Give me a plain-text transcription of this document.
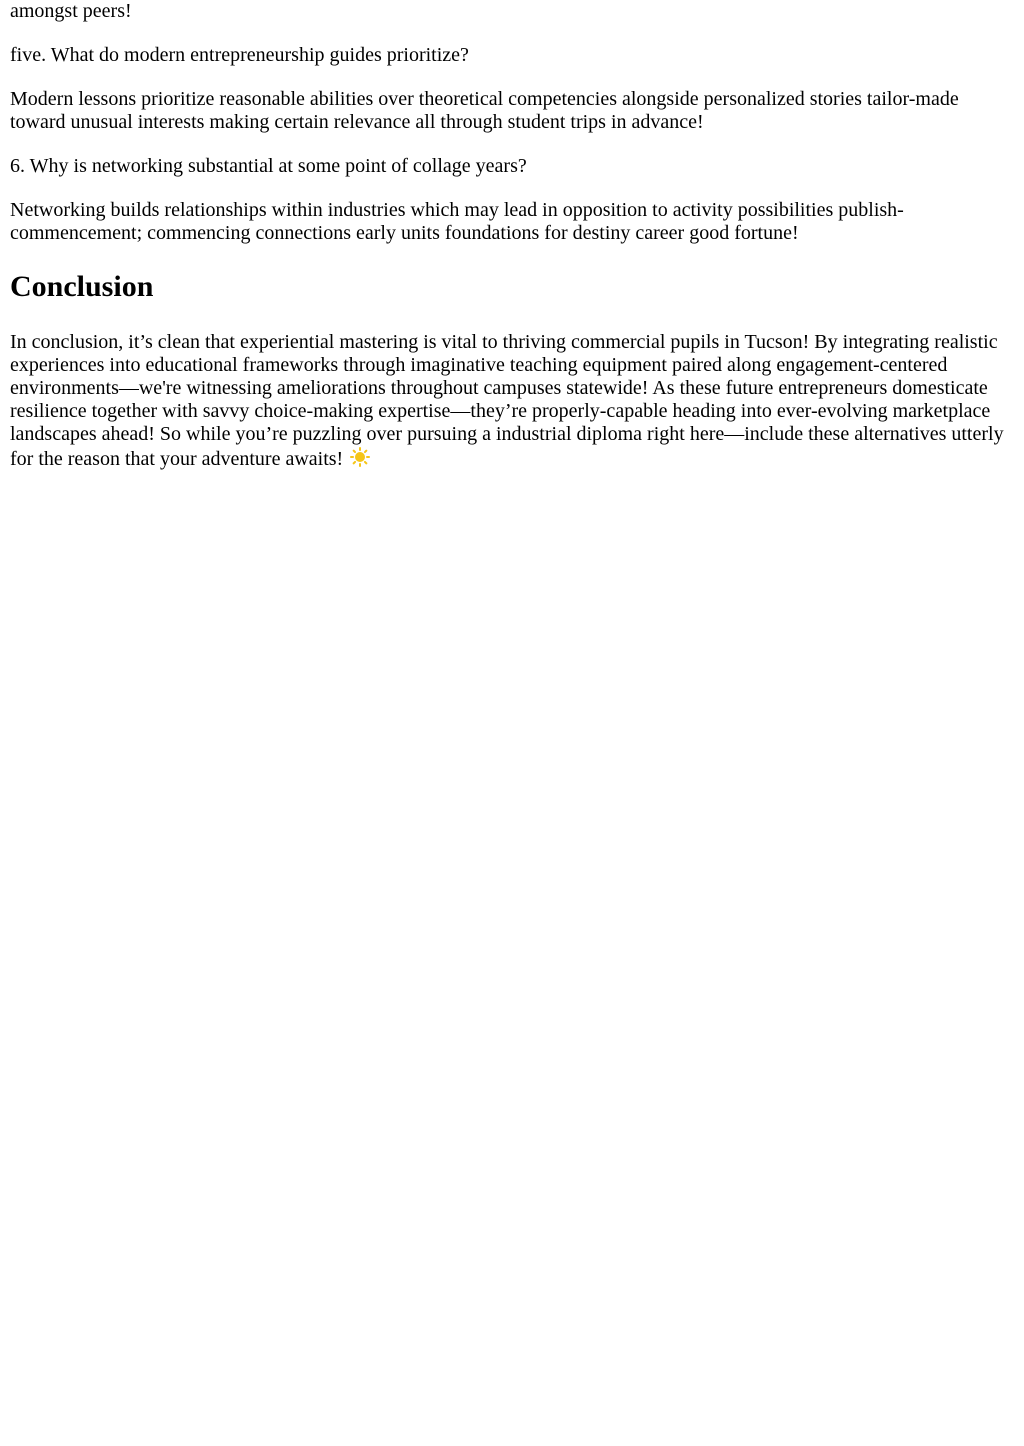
amongst peers!

five. What do modern entrepreneurship guides prioritize?

Modern lessons prioritize reasonable abilities over theoretical competencies alongside personalized stories tailor-made toward unusual interests making certain relevance all through student trips in advance!

6. Why is networking substantial at some point of collage years?

Networking builds relationships within industries which may lead in opposition to activity possibilities publish-commencement; commencing connections early units foundations for destiny career good fortune!

Conclusion

In conclusion, it’s clean that experiential mastering is vital to thriving commercial pupils in Tucson! By integrating realistic experiences into educational frameworks through imaginative teaching equipment paired along engagement-centered environments—we're witnessing ameliorations throughout campuses statewide! As these future entrepreneurs domesticate resilience together with savvy choice-making expertise—they’re properly-capable heading into ever-evolving marketplace landscapes ahead! So while you’re puzzling over pursuing a industrial diploma right here—include these alternatives utterly for the reason that your adventure awaits!
